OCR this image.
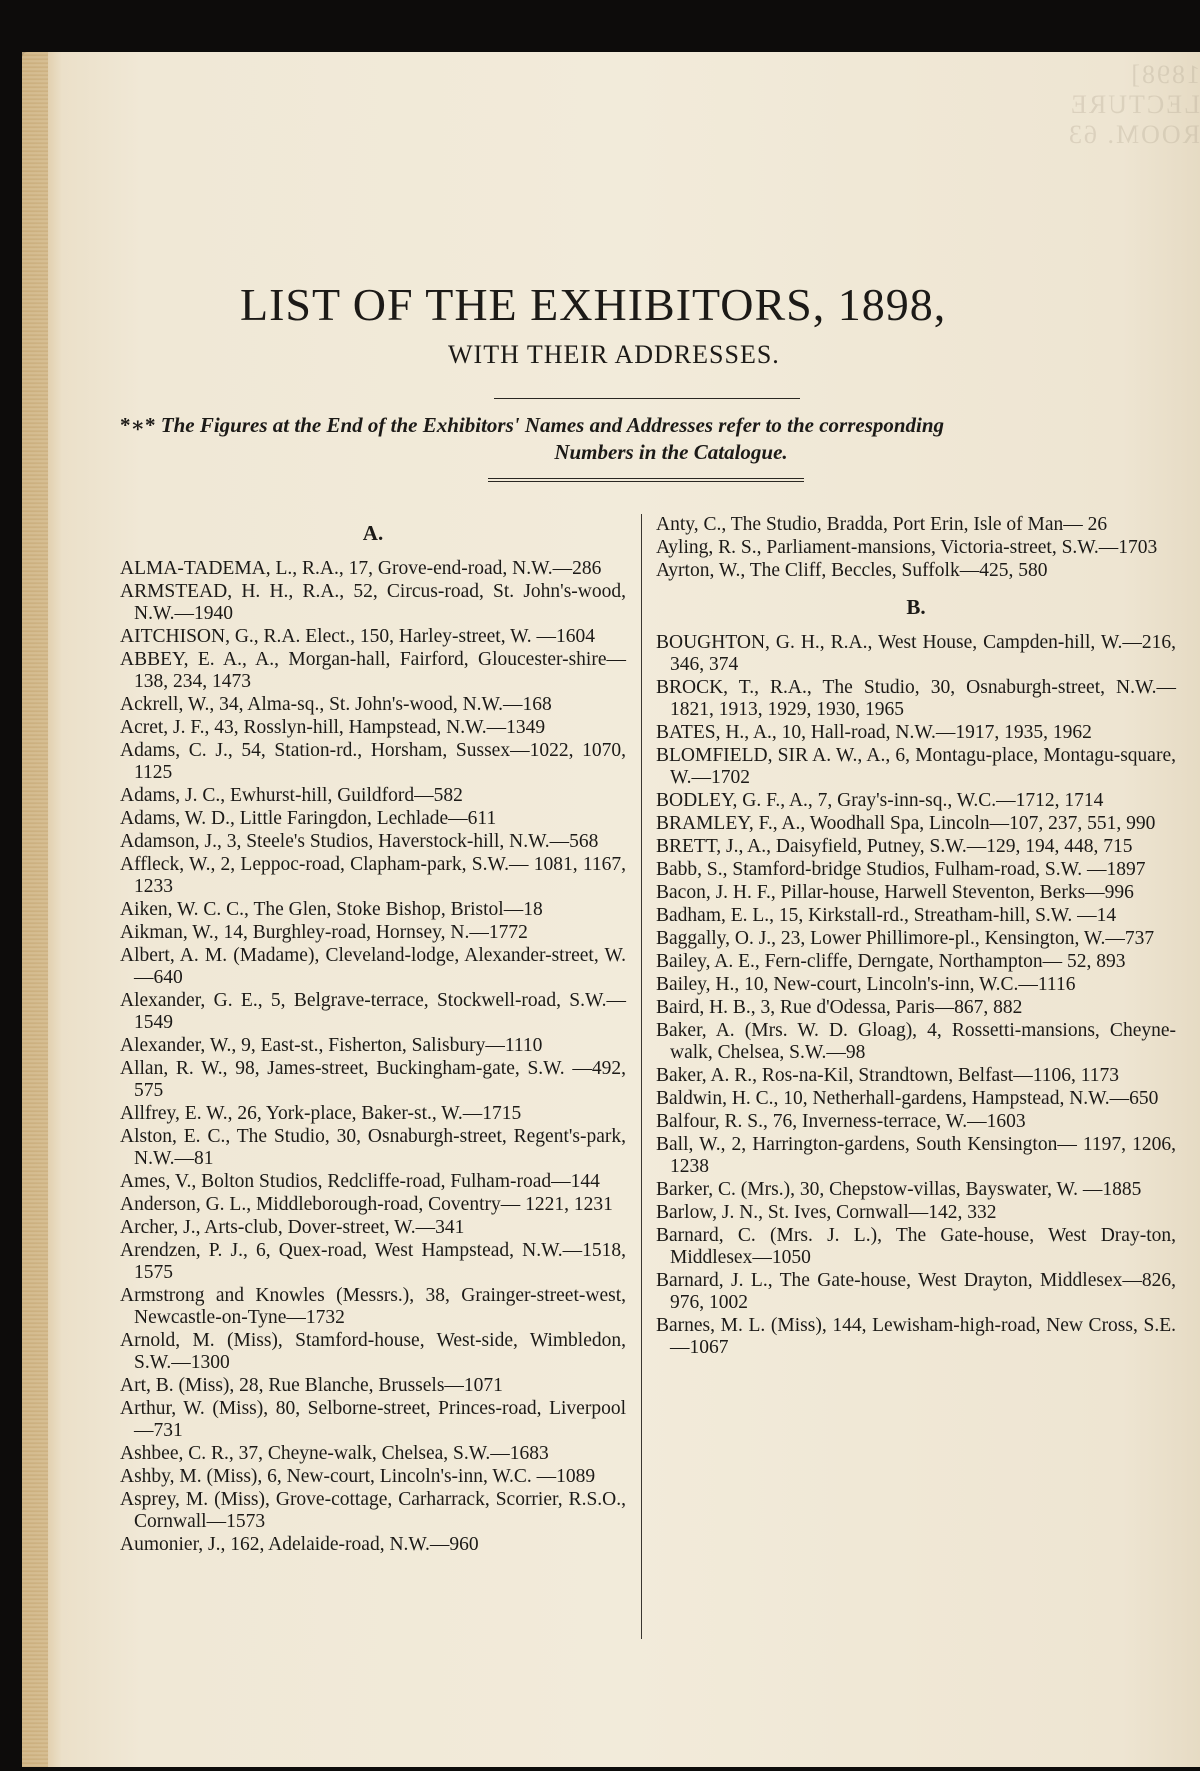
1898] LECTURE ROOM. 63
LIST OF THE EXHIBITORS, 1898,
WITH THEIR ADDRESSES.
*∗* The Figures at the End of the Exhibitors' Names and Addresses refer to the corresponding
Numbers in the Catalogue.
A.
ALMA-TADEMA, L., R.A., 17, Grove-end-road, N.W.—286
ARMSTEAD, H. H., R.A., 52, Circus-road, St. John's-wood, N.W.—1940
AITCHISON, G., R.A. Elect., 150, Harley-street, W. —1604
ABBEY, E. A., A., Morgan-hall, Fairford, Gloucester-shire—138, 234, 1473
Ackrell, W., 34, Alma-sq., St. John's-wood, N.W.—168
Acret, J. F., 43, Rosslyn-hill, Hampstead, N.W.—1349
Adams, C. J., 54, Station-rd., Horsham, Sussex—1022, 1070, 1125
Adams, J. C., Ewhurst-hill, Guildford—582
Adams, W. D., Little Faringdon, Lechlade—611
Adamson, J., 3, Steele's Studios, Haverstock-hill, N.W.—568
Affleck, W., 2, Leppoc-road, Clapham-park, S.W.— 1081, 1167, 1233
Aiken, W. C. C., The Glen, Stoke Bishop, Bristol—18
Aikman, W., 14, Burghley-road, Hornsey, N.—1772
Albert, A. M. (Madame), Cleveland-lodge, Alexander-street, W.—640
Alexander, G. E., 5, Belgrave-terrace, Stockwell-road, S.W.—1549
Alexander, W., 9, East-st., Fisherton, Salisbury—1110
Allan, R. W., 98, James-street, Buckingham-gate, S.W. —492, 575
Allfrey, E. W., 26, York-place, Baker-st., W.—1715
Alston, E. C., The Studio, 30, Osnaburgh-street, Regent's-park, N.W.—81
Ames, V., Bolton Studios, Redcliffe-road, Fulham-road—144
Anderson, G. L., Middleborough-road, Coventry— 1221, 1231
Archer, J., Arts-club, Dover-street, W.—341
Arendzen, P. J., 6, Quex-road, West Hampstead, N.W.—1518, 1575
Armstrong and Knowles (Messrs.), 38, Grainger-street-west, Newcastle-on-Tyne—1732
Arnold, M. (Miss), Stamford-house, West-side, Wimbledon, S.W.—1300
Art, B. (Miss), 28, Rue Blanche, Brussels—1071
Arthur, W. (Miss), 80, Selborne-street, Princes-road, Liverpool—731
Ashbee, C. R., 37, Cheyne-walk, Chelsea, S.W.—1683
Ashby, M. (Miss), 6, New-court, Lincoln's-inn, W.C. —1089
Asprey, M. (Miss), Grove-cottage, Carharrack, Scorrier, R.S.O., Cornwall—1573
Aumonier, J., 162, Adelaide-road, N.W.—960
Anty, C., The Studio, Bradda, Port Erin, Isle of Man— 26
Ayling, R. S., Parliament-mansions, Victoria-street, S.W.—1703
Ayrton, W., The Cliff, Beccles, Suffolk—425, 580
B.
BOUGHTON, G. H., R.A., West House, Campden-hill, W.—216, 346, 374
BROCK, T., R.A., The Studio, 30, Osnaburgh-street, N.W.—1821, 1913, 1929, 1930, 1965
BATES, H., A., 10, Hall-road, N.W.—1917, 1935, 1962
BLOMFIELD, SIR A. W., A., 6, Montagu-place, Montagu-square, W.—1702
BODLEY, G. F., A., 7, Gray's-inn-sq., W.C.—1712, 1714
BRAMLEY, F., A., Woodhall Spa, Lincoln—107, 237, 551, 990
BRETT, J., A., Daisyfield, Putney, S.W.—129, 194, 448, 715
Babb, S., Stamford-bridge Studios, Fulham-road, S.W. —1897
Bacon, J. H. F., Pillar-house, Harwell Steventon, Berks—996
Badham, E. L., 15, Kirkstall-rd., Streatham-hill, S.W. —14
Baggally, O. J., 23, Lower Phillimore-pl., Kensington, W.—737
Bailey, A. E., Fern-cliffe, Derngate, Northampton— 52, 893
Bailey, H., 10, New-court, Lincoln's-inn, W.C.—1116
Baird, H. B., 3, Rue d'Odessa, Paris—867, 882
Baker, A. (Mrs. W. D. Gloag), 4, Rossetti-mansions, Cheyne-walk, Chelsea, S.W.—98
Baker, A. R., Ros-na-Kil, Strandtown, Belfast—1106, 1173
Baldwin, H. C., 10, Netherhall-gardens, Hampstead, N.W.—650
Balfour, R. S., 76, Inverness-terrace, W.—1603
Ball, W., 2, Harrington-gardens, South Kensington— 1197, 1206, 1238
Barker, C. (Mrs.), 30, Chepstow-villas, Bayswater, W. —1885
Barlow, J. N., St. Ives, Cornwall—142, 332
Barnard, C. (Mrs. J. L.), The Gate-house, West Dray-ton, Middlesex—1050
Barnard, J. L., The Gate-house, West Drayton, Middlesex—826, 976, 1002
Barnes, M. L. (Miss), 144, Lewisham-high-road, New Cross, S.E.—1067
